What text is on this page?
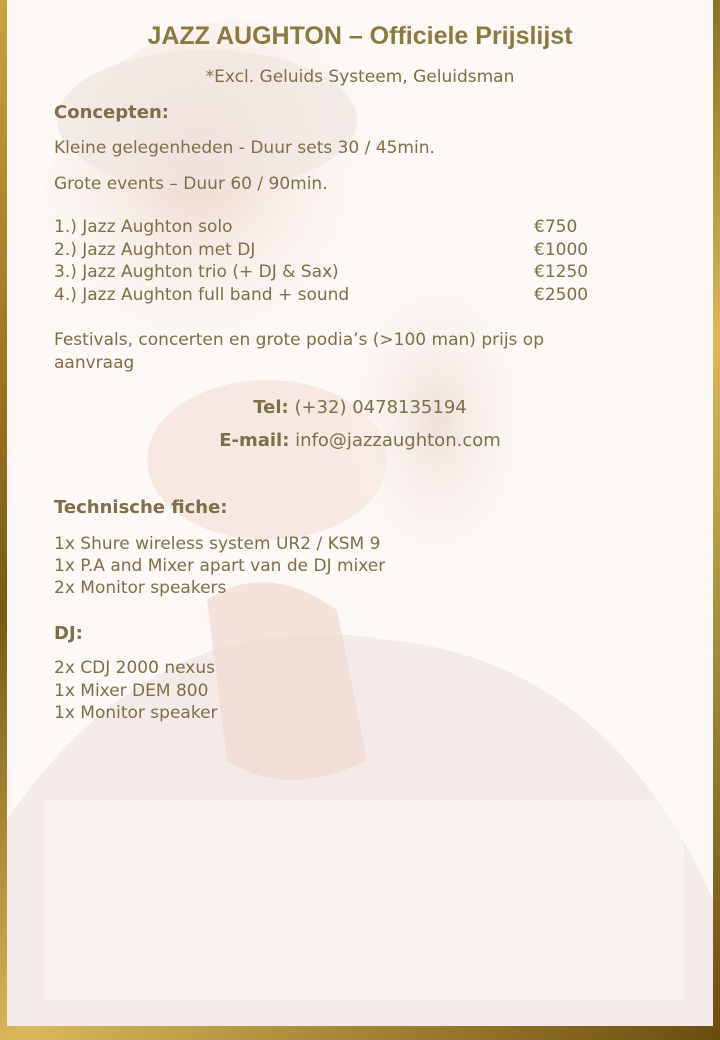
JAZZ AUGHTON – Officiele Prijslijst
*Excl. Geluids Systeem, Geluidsman
Concepten:
Kleine gelegenheden - Duur sets 30 / 45min.
Grote events – Duur 60 / 90min.
1.) Jazz Aughton solo	€750
2.) Jazz Aughton met DJ	€1000
3.) Jazz Aughton trio (+ DJ & Sax)	€1250
4.) Jazz Aughton full band + sound	€2500
Festivals, concerten en grote podia’s (>100 man) prijs op aanvraag
Tel: (+32) 0478135194
E-mail: info@jazzaughton.com
Technische fiche:
1x Shure wireless system UR2 / KSM 9
1x P.A and Mixer apart van de DJ mixer
2x Monitor speakers
DJ:
2x CDJ 2000 nexus
1x Mixer DEM 800
1x Monitor speaker
